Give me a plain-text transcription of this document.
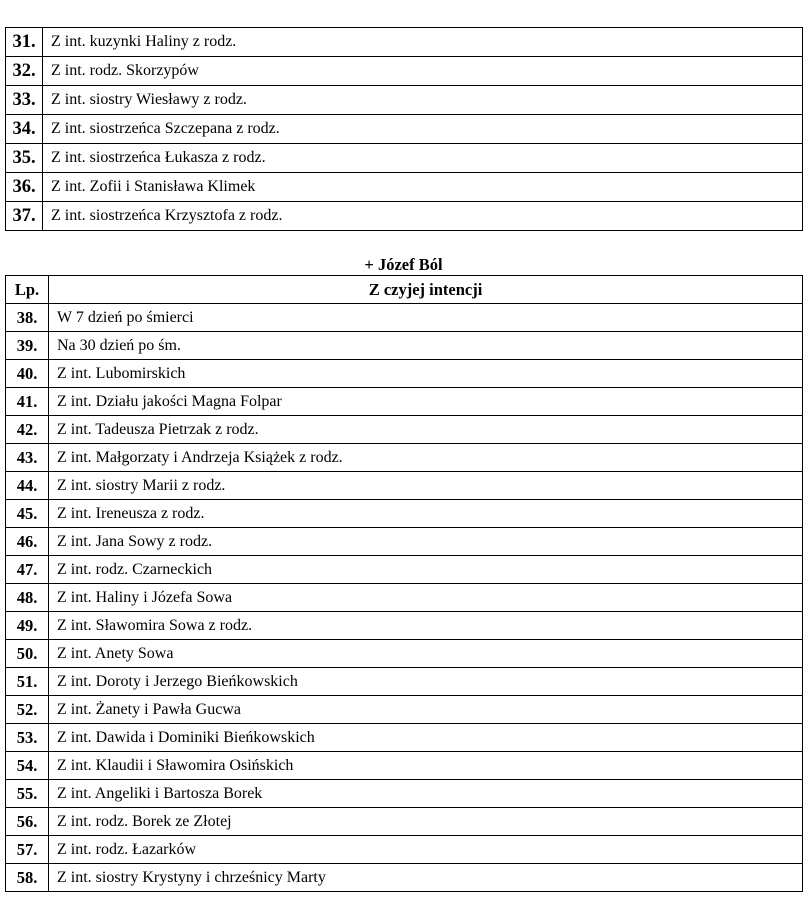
31.	Z int. kuzynki Haliny z rodz.
32.	Z int. rodz. Skorzypów
33.	Z int. siostry Wiesławy z rodz.
34.	Z int. siostrzeńca Szczepana z rodz.
35.	Z int. siostrzeńca Łukasza z rodz.
36.	Z int. Zofii i Stanisława Klimek
37.	Z int. siostrzeńca Krzysztofa z rodz.
+ Józef Ból
Lp.	Z czyjej intencji
38.	W 7 dzień po śmierci
39.	Na 30 dzień po śm.
40.	Z int. Lubomirskich
41.	Z int. Działu jakości Magna Folpar
42.	Z int. Tadeusza Pietrzak z rodz.
43.	Z int. Małgorzaty i Andrzeja Książek z rodz.
44.	Z int. siostry Marii z rodz.
45.	Z int. Ireneusza z rodz.
46.	Z int. Jana Sowy z rodz.
47.	Z int. rodz. Czarneckich
48.	Z int. Haliny i Józefa Sowa
49.	Z int. Sławomira Sowa z rodz.
50.	Z int. Anety Sowa
51.	Z int. Doroty i Jerzego Bieńkowskich
52.	Z int. Żanety i Pawła Gucwa
53.	Z int. Dawida i Dominiki Bieńkowskich
54.	Z int. Klaudii i Sławomira Osińskich
55.	Z int. Angeliki i Bartosza Borek
56.	Z int. rodz. Borek ze Złotej
57.	Z int. rodz. Łazarków
58.	Z int. siostry Krystyny i chrześnicy Marty
